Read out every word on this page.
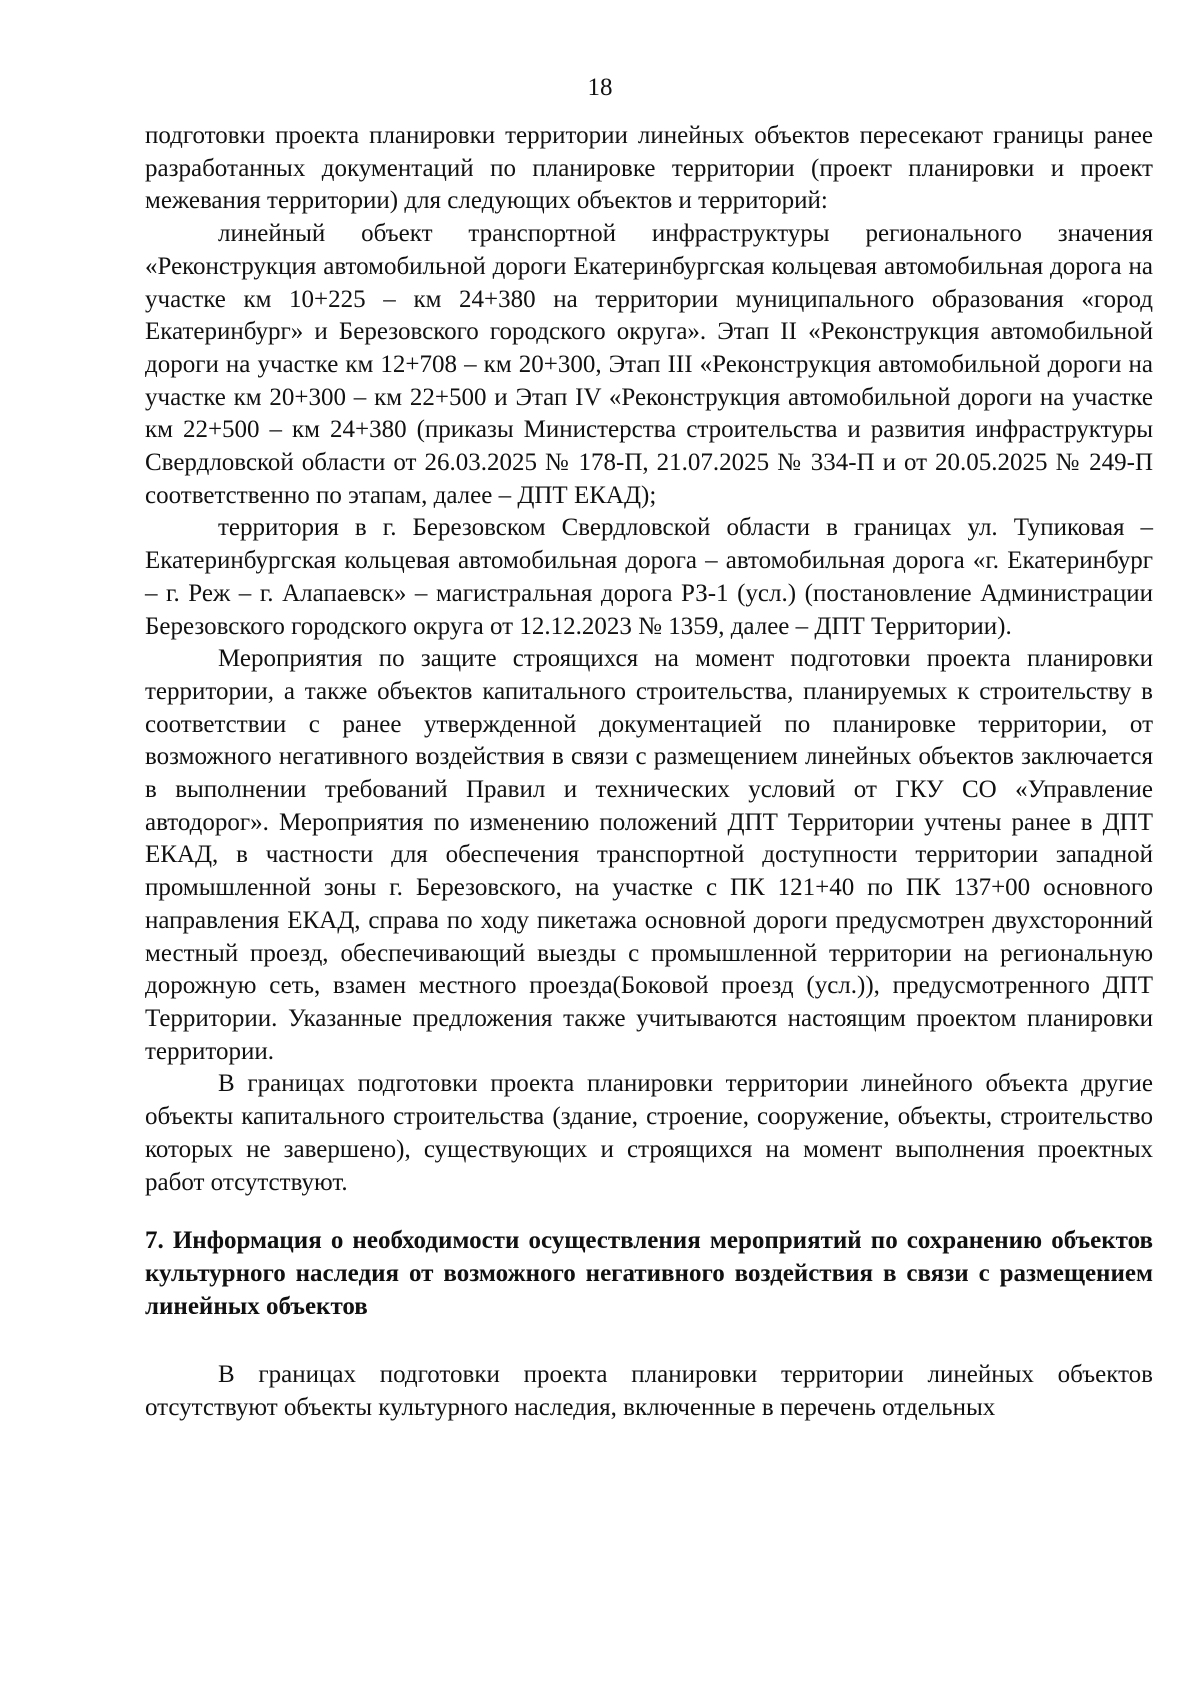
18

подготовки проекта планировки территории линейных объектов пересекают границы ранее разработанных документаций по планировке территории (проект планировки и проект межевания территории) для следующих объектов и территорий:

линейный объект транспортной инфраструктуры регионального значения «Реконструкция автомобильной дороги Екатеринбургская кольцевая автомобильная дорога на участке км 10+225 – км 24+380 на территории муниципального образования «город Екатеринбург» и Березовского городского округа». Этап II «Реконструкция автомобильной дороги на участке км 12+708 – км 20+300, Этап III «Реконструкция автомобильной дороги на участке км 20+300 – км 22+500 и Этап IV «Реконструкция автомобильной дороги на участке км 22+500 – км 24+380 (приказы Министерства строительства и развития инфраструктуры Свердловской области от 26.03.2025 № 178-П, 21.07.2025 № 334-П и от 20.05.2025 № 249-П соответственно по этапам, далее – ДПТ ЕКАД);

территория в г. Березовском Свердловской области в границах ул. Тупиковая – Екатеринбургская кольцевая автомобильная дорога – автомобильная дорога «г. Екатеринбург – г. Реж – г. Алапаевск» – магистральная дорога РЗ-1 (усл.) (постановление Администрации Березовского городского округа от 12.12.2023 № 1359, далее – ДПТ Территории).

Мероприятия по защите строящихся на момент подготовки проекта планировки территории, а также объектов капитального строительства, планируемых к строительству в соответствии с ранее утвержденной документацией по планировке территории, от возможного негативного воздействия в связи с размещением линейных объектов заключается в выполнении требований Правил и технических условий от ГКУ СО «Управление автодорог». Мероприятия по изменению положений ДПТ Территории учтены ранее в ДПТ ЕКАД, в частности для обеспечения транспортной доступности территории западной промышленной зоны г. Березовского, на участке с ПК 121+40 по ПК 137+00 основного направления ЕКАД, справа по ходу пикетажа основной дороги предусмотрен двухсторонний местный проезд, обеспечивающий выезды с промышленной территории на региональную дорожную сеть, взамен местного проезда(Боковой проезд (усл.)), предусмотренного ДПТ Территории. Указанные предложения также учитываются настоящим проектом планировки территории.

В границах подготовки проекта планировки территории линейного объекта другие объекты капитального строительства (здание, строение, сооружение, объекты, строительство которых не завершено), существующих и строящихся на момент выполнения проектных работ отсутствуют.

7. Информация о необходимости осуществления мероприятий по сохранению объектов культурного наследия от возможного негативного воздействия в связи с размещением линейных объектов

В границах подготовки проекта планировки территории линейных объектов отсутствуют объекты культурного наследия, включенные в перечень отдельных
